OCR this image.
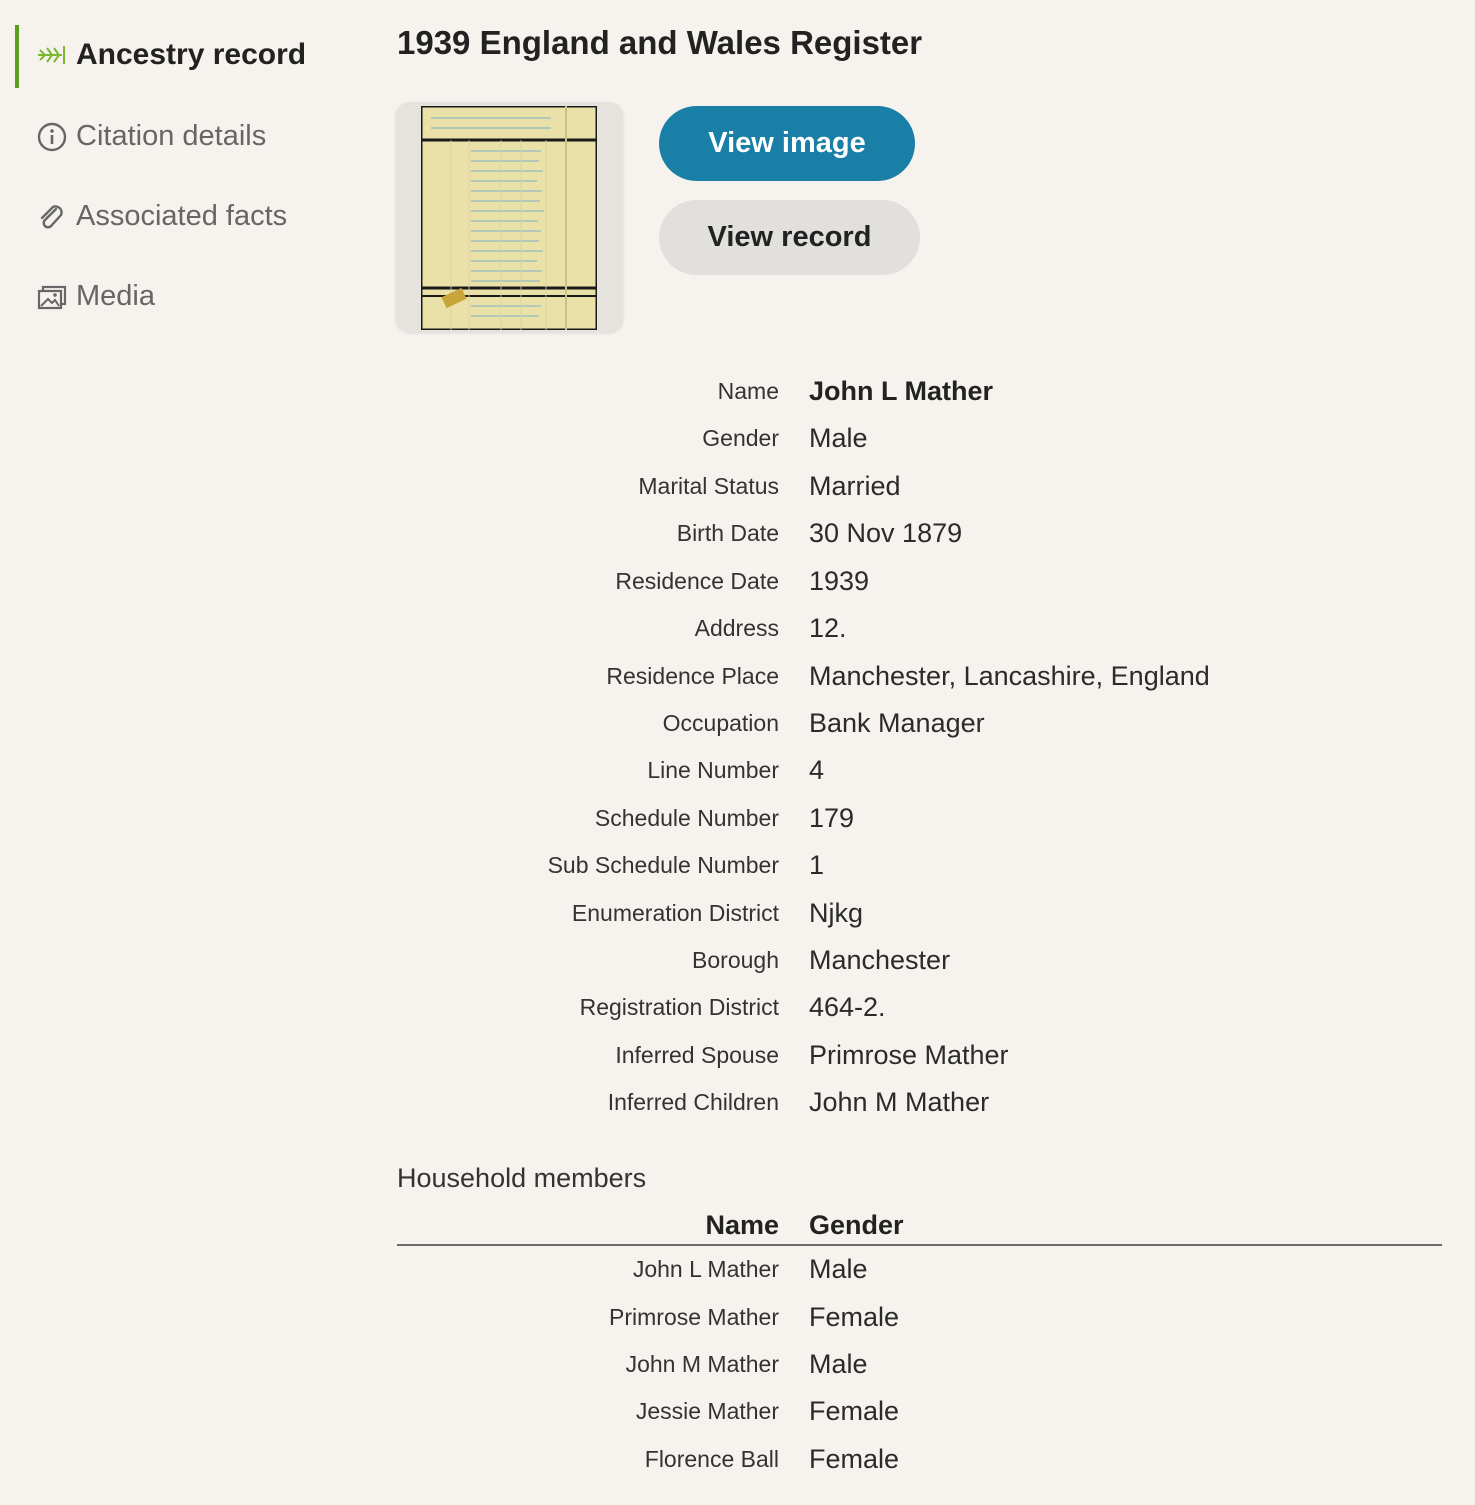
Ancestry record
Citation details
Associated facts
Media
1939 England and Wales Register
View image
View record
Name John L Mather
Gender Male
Marital Status Married
Birth Date 30 Nov 1879
Residence Date 1939
Address 12.
Residence Place Manchester, Lancashire, England
Occupation Bank Manager
Line Number 4
Schedule Number 179
Sub Schedule Number 1
Enumeration District Njkg
Borough Manchester
Registration District 464-2.
Inferred Spouse Primrose Mather
Inferred Children John M Mather
Household members
Name Gender
John L Mather Male
Primrose Mather Female
John M Mather Male
Jessie Mather Female
Florence Ball Female
